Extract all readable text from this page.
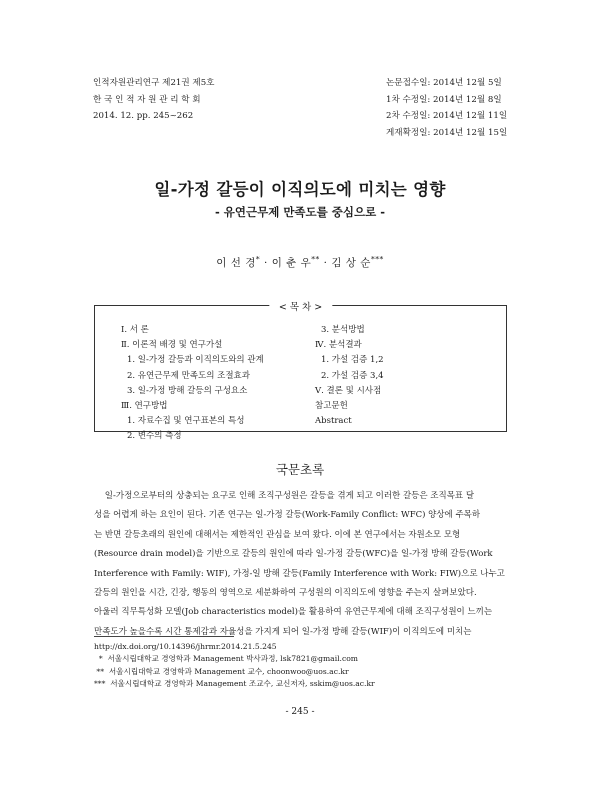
인적자원관리연구 제21권 제5호
한 국 인 적 자 원 관 리 학 회
2014. 12. pp. 245~262
논문접수일: 2014년 12월 5일
1차 수정일: 2014년 12월 8일
2차 수정일: 2014년 12월 11일
게재확정일: 2014년 12월 15일
일-가정 갈등이 이직의도에 미치는 영향
- 유연근무제 만족도를 중심으로 -
이 선 경* · 이 춘 우** · 김 상 순***
< 목 차 >
Ⅰ. 서 론
Ⅱ. 이론적 배경 및 연구가설
1. 일-가정 갈등과 이직의도와의 관계
2. 유연근무제 만족도의 조절효과
3. 일-가정 방해 갈등의 구성요소
Ⅲ. 연구방법
1. 자료수집 및 연구표본의 특성
2. 변수의 측정
3. 분석방법
Ⅳ. 분석결과
1. 가설 검증 1,2
2. 가설 검증 3,4
Ⅴ. 결론 및 시사점
참고문헌
Abstract
국문초록
일-가정으로부터의 상충되는 요구로 인해 조직구성원은 갈등을 겪게 되고 이러한 갈등은 조직목표 달
성을 어렵게 하는 요인이 된다. 기존 연구는 일-가정 갈등(Work-Family Conflict: WFC) 양상에 주목하
는 반면 갈등초래의 원인에 대해서는 제한적인 관심을 보여 왔다. 이에 본 연구에서는 자원소모 모형
(Resource drain model)을 기반으로 갈등의 원인에 따라 일-가정 갈등(WFC)을 일-가정 방해 갈등(Work
Interference with Family: WIF), 가정-일 방해 갈등(Family Interference with Work: FIW)으로 나누고
갈등의 원인을 시간, 긴장, 행동의 영역으로 세분화하여 구성원의 이직의도에 영향을 주는지 살펴보았다.
아울러 직무특성화 모델(Job characteristics model)을 활용하여 유연근무제에 대해 조직구성원이 느끼는
만족도가 높을수록 시간 통제감과 자율성을 가지게 되어 일-가정 방해 갈등(WIF)이 이직의도에 미치는
http://dx.doi.org/10.14396/jhrmr.2014.21.5.245
*  서울시립대학교 경영학과 Management 박사과정, lsk7821@gmail.com
**  서울시립대학교 경영학과 Management 교수, choonwoo@uos.ac.kr
***  서울시립대학교 경영학과 Management 조교수, 교신저자, sskim@uos.ac.kr
- 245 -
